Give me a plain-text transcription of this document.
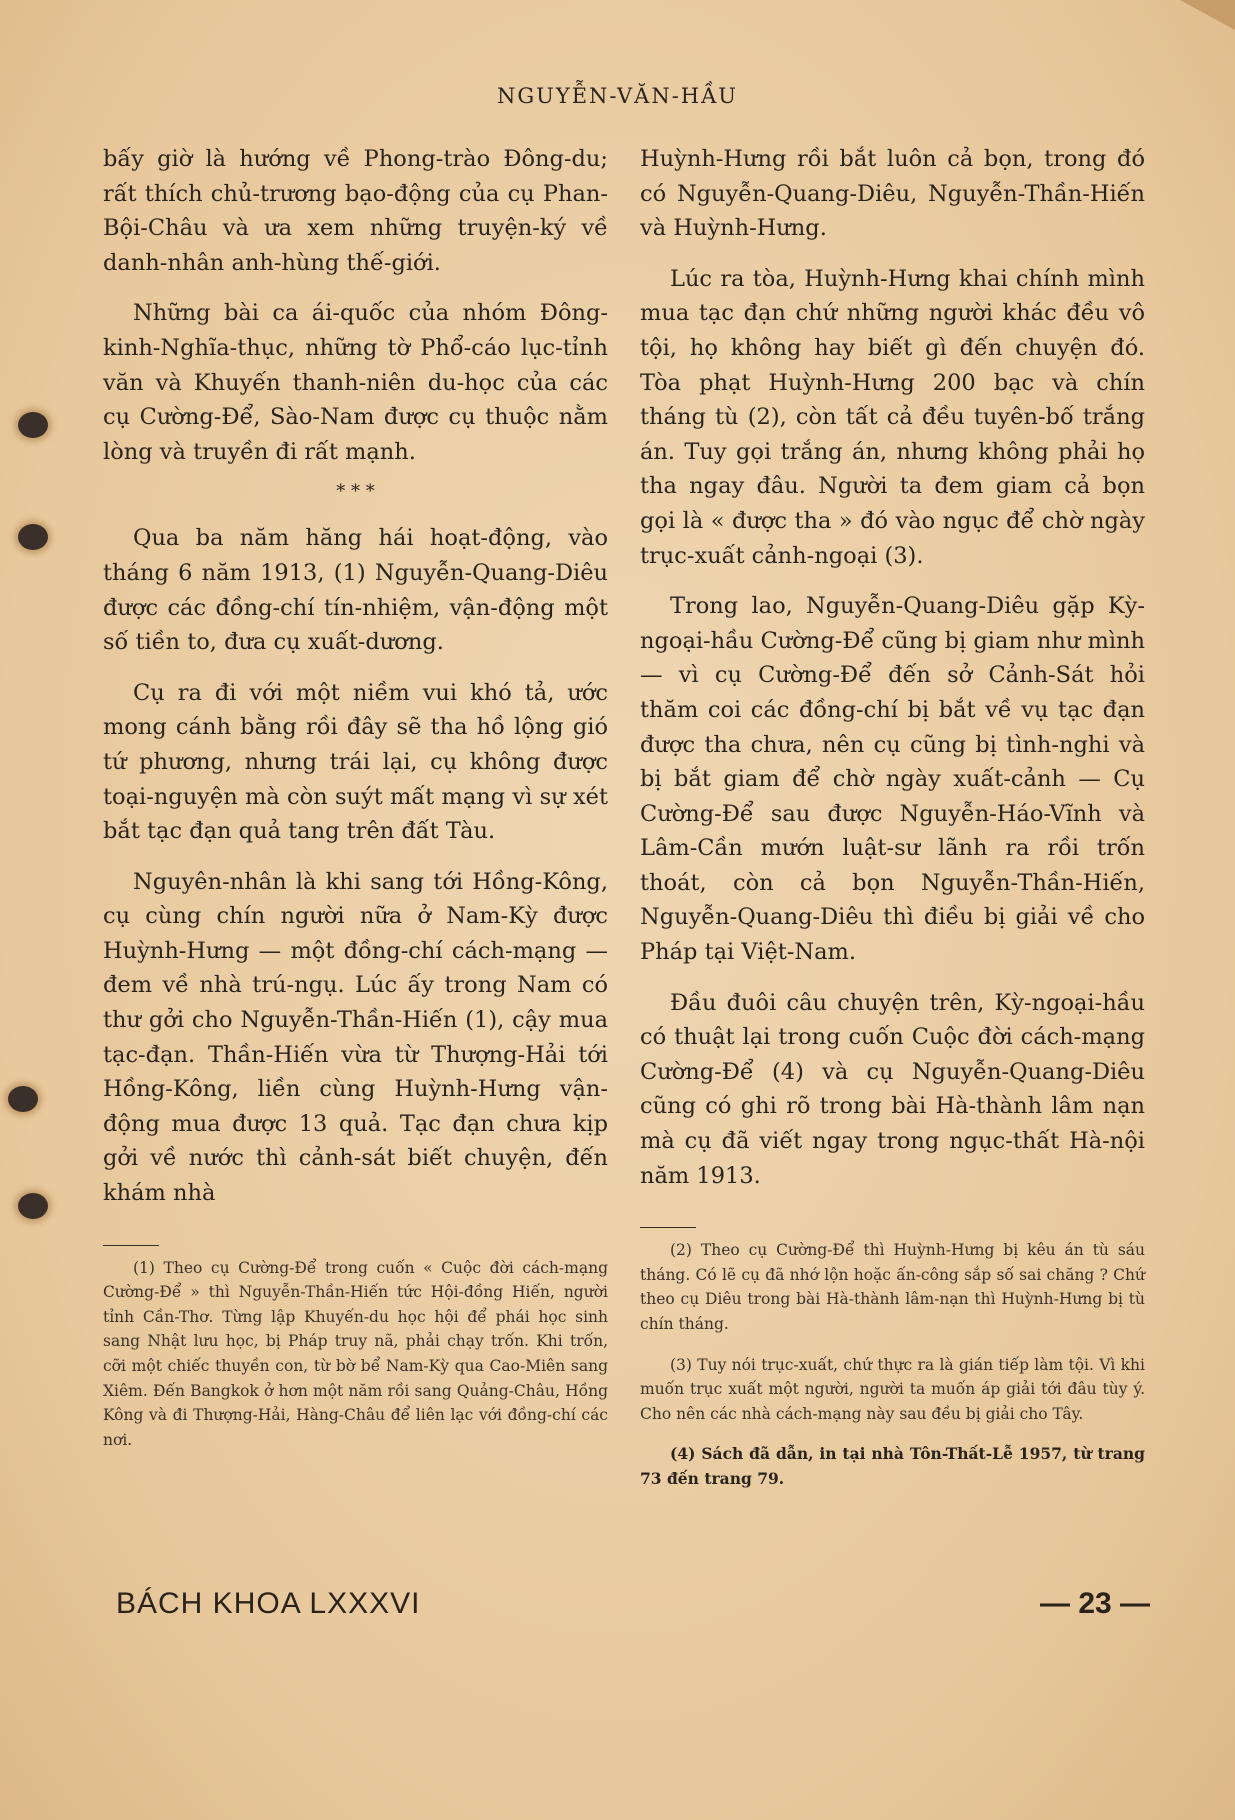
NGUYỄN-VĂN-HẦU

bấy giờ là hướng về Phong-trào Đông-du; rất thích chủ-trương bạo-động của cụ Phan-Bội-Châu và ưa xem những truyện-ký về danh-nhân anh-hùng thế-giới.

Những bài ca ái-quốc của nhóm Đông-kinh-Nghĩa-thục, những tờ Phổ-cáo lục-tỉnh văn và Khuyến thanh-niên du-học của các cụ Cường-Để, Sào-Nam được cụ thuộc nằm lòng và truyền đi rất mạnh.

* * *

Qua ba năm hăng hái hoạt-động, vào tháng 6 năm 1913, (1) Nguyễn-Quang-Diêu được các đồng-chí tín-nhiệm, vận-động một số tiền to, đưa cụ xuất-dương.

Cụ ra đi với một niềm vui khó tả, ước mong cánh bằng rồi đây sẽ tha hồ lộng gió tứ phương, nhưng trái lại, cụ không được toại-nguyện mà còn suýt mất mạng vì sự xét bắt tạc đạn quả tang trên đất Tàu.

Nguyên-nhân là khi sang tới Hồng-Kông, cụ cùng chín người nữa ở Nam-Kỳ được Huỳnh-Hưng — một đồng-chí cách-mạng — đem về nhà trú-ngụ. Lúc ấy trong Nam có thư gởi cho Nguyễn-Thần-Hiến (1), cậy mua tạc-đạn. Thần-Hiến vừa từ Thượng-Hải tới Hồng-Kông, liền cùng Huỳnh-Hưng vận-động mua được 13 quả. Tạc đạn chưa kịp gởi về nước thì cảnh-sát biết chuyện, đến khám nhà

(1) Theo cụ Cường-Để trong cuốn « Cuộc đời cách-mạng Cường-Để » thì Nguyễn-Thần-Hiến tức Hội-đồng Hiến, người tỉnh Cần-Thơ. Từng lập Khuyến-du học hội để phái học sinh sang Nhật lưu học, bị Pháp truy nã, phải chạy trốn. Khi trốn, cỡi một chiếc thuyền con, từ bờ bể Nam-Kỳ qua Cao-Miên sang Xiêm. Đến Bangkok ở hơn một năm rồi sang Quảng-Châu, Hồng Kông và đi Thượng-Hải, Hàng-Châu để liên lạc với đồng-chí các nơi.

Huỳnh-Hưng rồi bắt luôn cả bọn, trong đó có Nguyễn-Quang-Diêu, Nguyễn-Thần-Hiến và Huỳnh-Hưng.

Lúc ra tòa, Huỳnh-Hưng khai chính mình mua tạc đạn chứ những người khác đều vô tội, họ không hay biết gì đến chuyện đó. Tòa phạt Huỳnh-Hưng 200 bạc và chín tháng tù (2), còn tất cả đều tuyên-bố trắng án. Tuy gọi trắng án, nhưng không phải họ tha ngay đâu. Người ta đem giam cả bọn gọi là « được tha » đó vào ngục để chờ ngày trục-xuất cảnh-ngoại (3).

Trong lao, Nguyễn-Quang-Diêu gặp Kỳ-ngoại-hầu Cường-Để cũng bị giam như mình — vì cụ Cường-Để đến sở Cảnh-Sát hỏi thăm coi các đồng-chí bị bắt về vụ tạc đạn được tha chưa, nên cụ cũng bị tình-nghi và bị bắt giam để chờ ngày xuất-cảnh — Cụ Cường-Để sau được Nguyễn-Háo-Vĩnh và Lâm-Cần mướn luật-sư lãnh ra rồi trốn thoát, còn cả bọn Nguyễn-Thần-Hiến, Nguyễn-Quang-Diêu thì điều bị giải về cho Pháp tại Việt-Nam.

Đầu đuôi câu chuyện trên, Kỳ-ngoại-hầu có thuật lại trong cuốn Cuộc đời cách-mạng Cường-Để (4) và cụ Nguyễn-Quang-Diêu cũng có ghi rõ trong bài Hà-thành lâm nạn mà cụ đã viết ngay trong ngục-thất Hà-nội năm 1913.

(2) Theo cụ Cường-Để thì Huỳnh-Hưng bị kêu án tù sáu tháng. Có lẽ cụ đã nhớ lộn hoặc ấn-công sắp số sai chăng ? Chứ theo cụ Diêu trong bài Hà-thành lâm-nạn thì Huỳnh-Hưng bị tù chín tháng.

(3) Tuy nói trục-xuất, chứ thực ra là gián tiếp làm tội. Vì khi muốn trục xuất một người, người ta muốn áp giải tới đâu tùy ý. Cho nên các nhà cách-mạng này sau đều bị giải cho Tây.

(4) Sách đã dẫn, in tại nhà Tôn-Thất-Lễ 1957, từ trang 73 đến trang 79.

BÁCH KHOA LXXXVI	— 23 —
